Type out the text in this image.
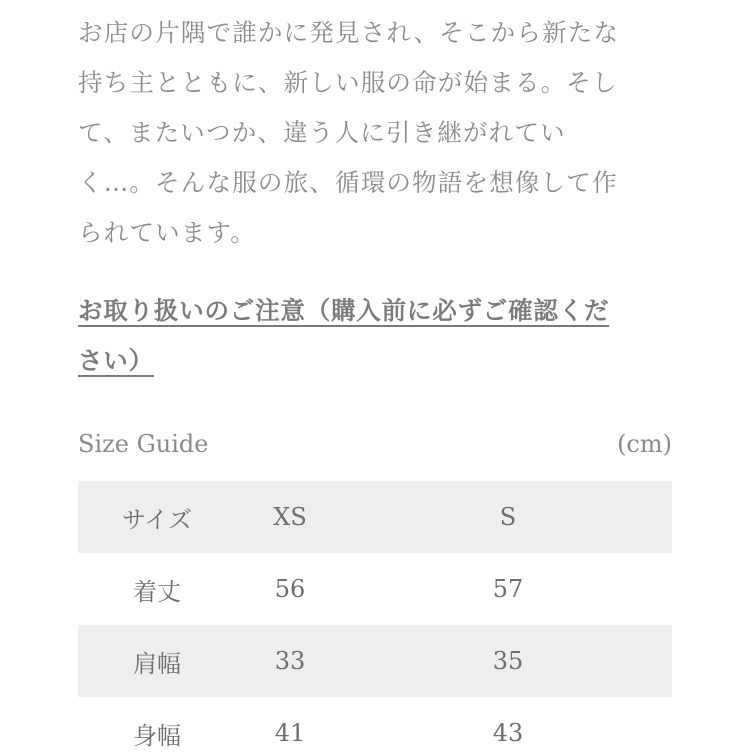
お店の片隅で誰かに発見され、そこから新たな
持ち主とともに、新しい服の命が始まる。そし
て、またいつか、違う人に引き継がれてい
く…。そんな服の旅、循環の物語を想像して作
られています。
お取り扱いのご注意（購入前に必ずご確認くだ
さい）
Size Guide	(cm)
サイズ	XS	S
着丈	56	57
肩幅	33	35
身幅	41	43
